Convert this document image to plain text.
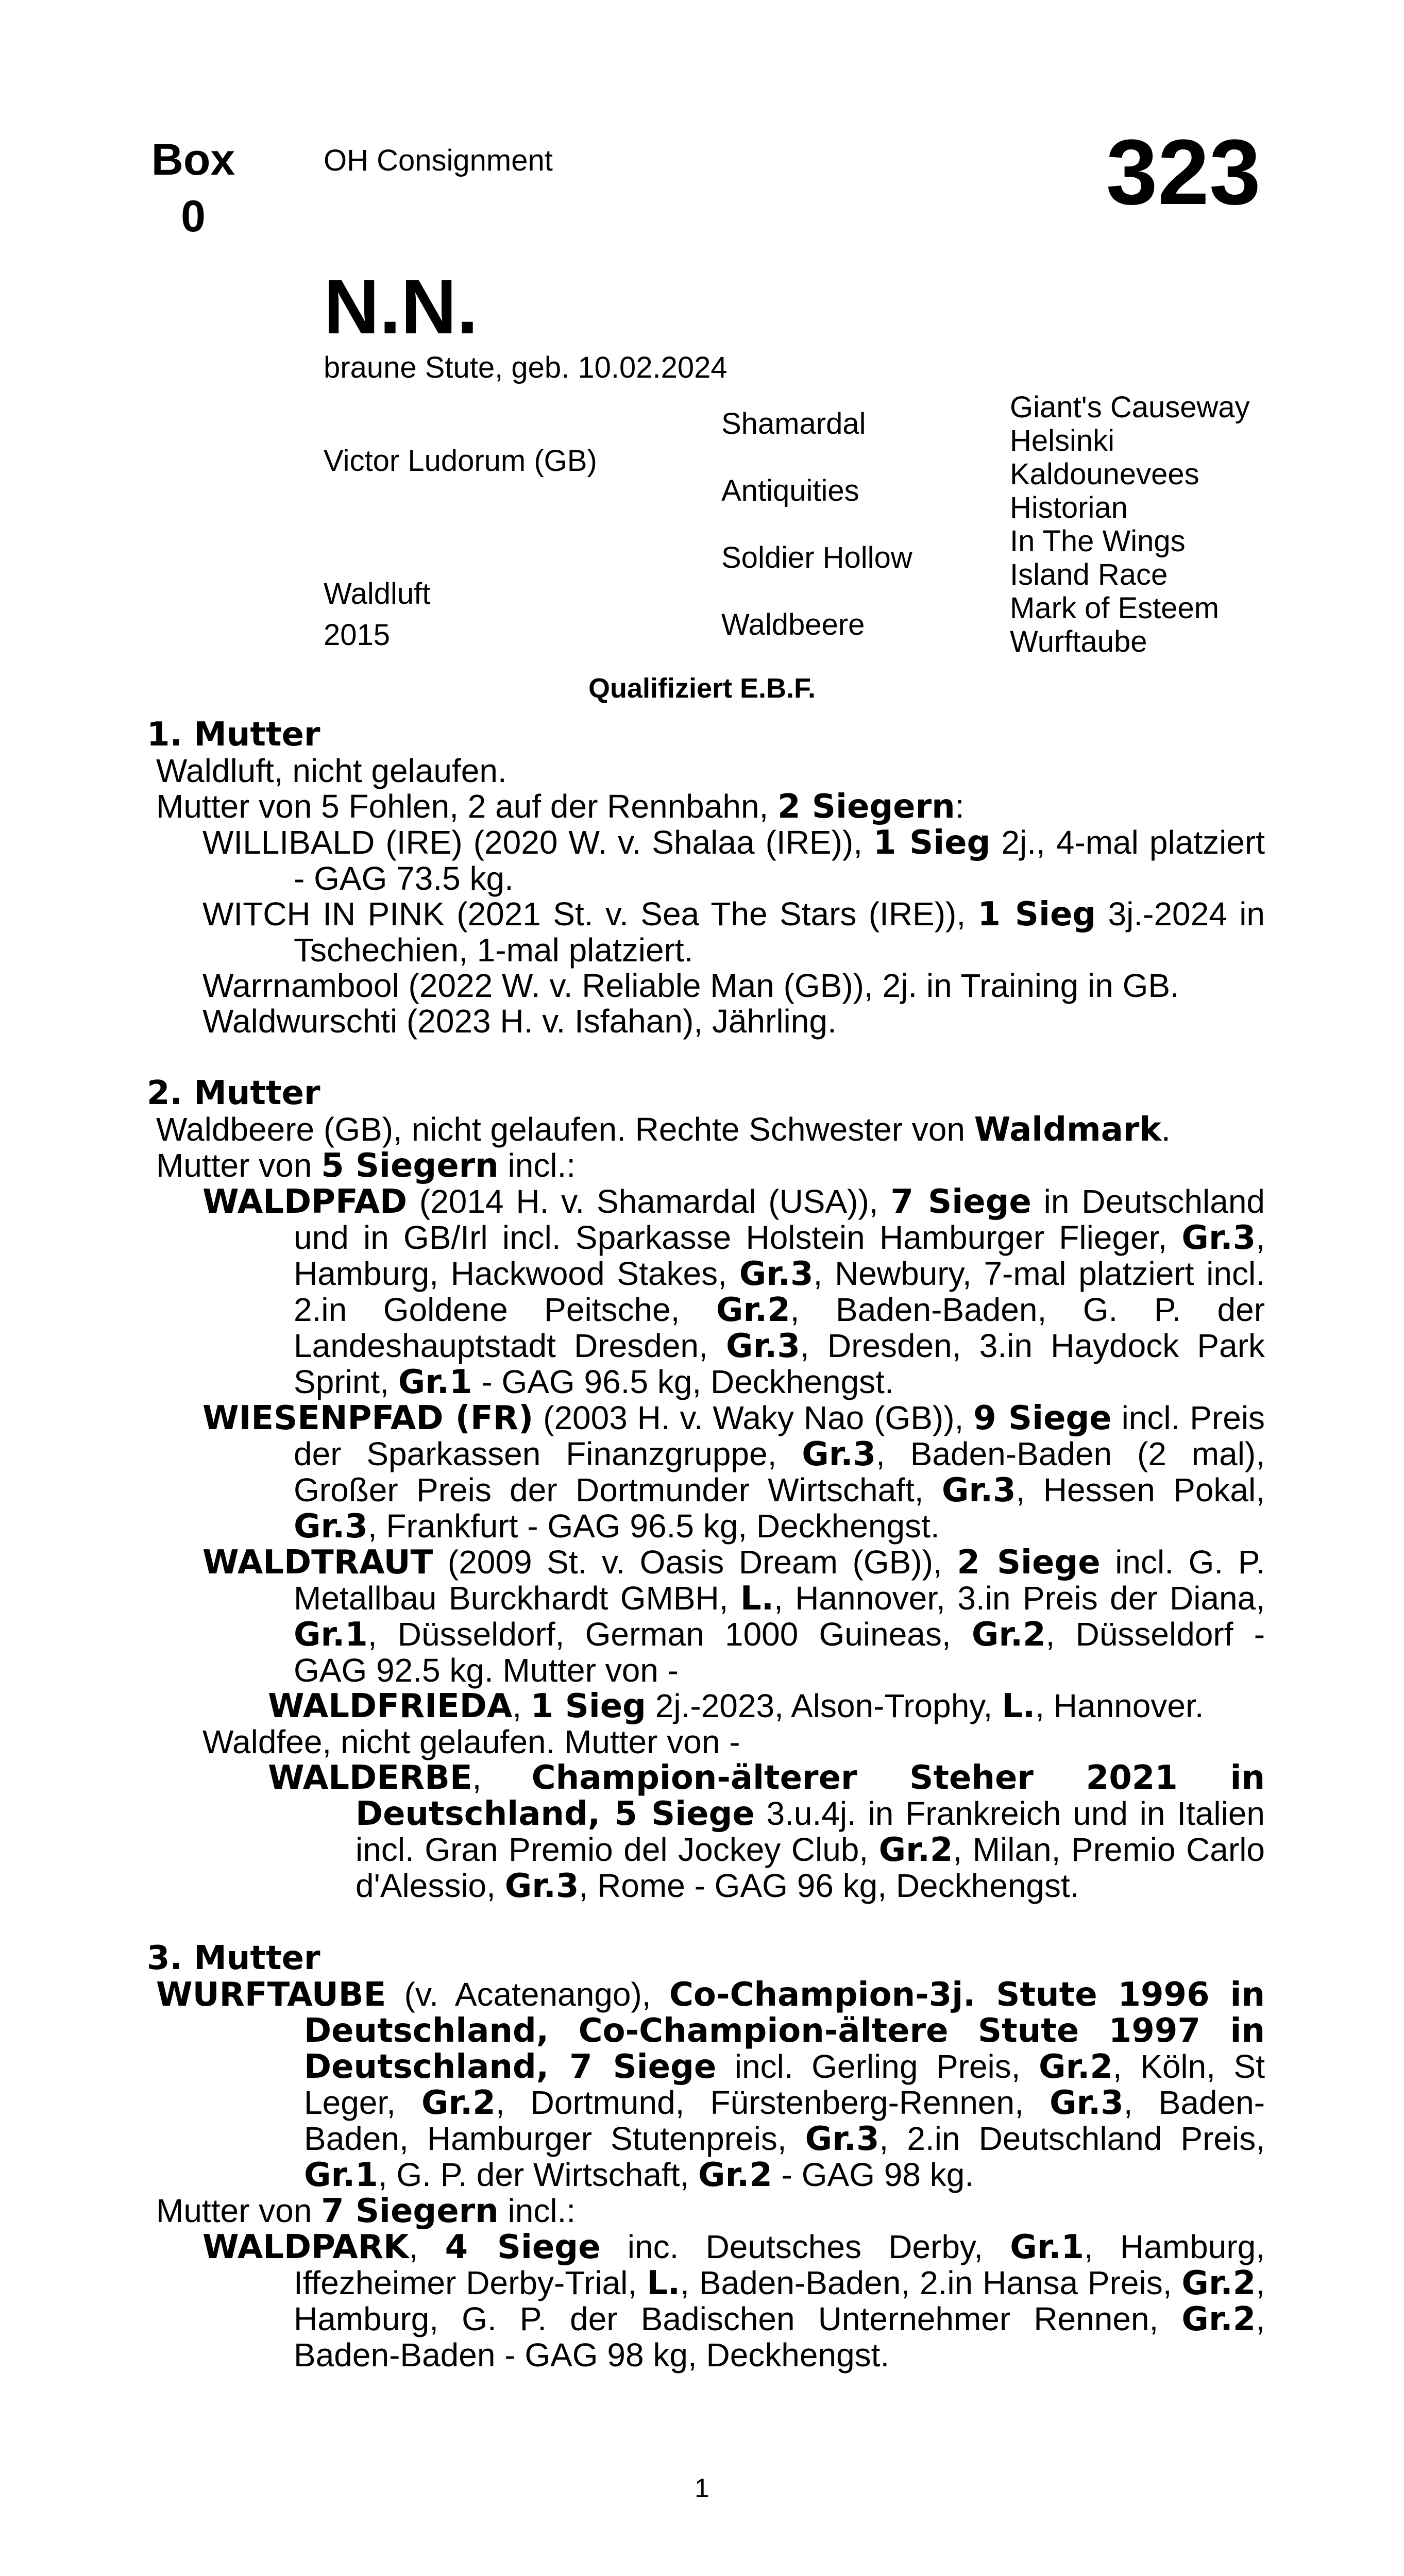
Box
0
OH Consignment	323
N.N.
braune Stute, geb. 10.02.2024
Victor Ludorum (GB)
Waldluft
2015
Shamardal
Antiquities
Soldier Hollow
Waldbeere
Giant's Causeway
Helsinki
Kaldounevees
Historian
In The Wings
Island Race
Mark of Esteem
Wurftaube
Qualifiziert E.B.F.
1. Mutter
Waldluft, nicht gelaufen.
Mutter von 5 Fohlen, 2 auf der Rennbahn, 2 Siegern:
WILLIBALD (IRE) (2020 W. v. Shalaa (IRE)), 1 Sieg 2j., 4-mal platziert - GAG 73.5 kg.
WITCH IN PINK (2021 St. v. Sea The Stars (IRE)), 1 Sieg 3j.-2024 in Tschechien, 1-mal platziert.
Warrnambool (2022 W. v. Reliable Man (GB)), 2j. in Training in GB.
Waldwurschti (2023 H. v. Isfahan), Jährling.
2. Mutter
Waldbeere (GB), nicht gelaufen. Rechte Schwester von Waldmark.
Mutter von 5 Siegern incl.:
WALDPFAD (2014 H. v. Shamardal (USA)), 7 Siege in Deutschland und in GB/Irl incl. Sparkasse Holstein Hamburger Flieger, Gr.3, Hamburg, Hackwood Stakes, Gr.3, Newbury, 7-mal platziert incl. 2.in Goldene Peitsche, Gr.2, Baden-Baden, G. P. der Landeshauptstadt Dresden, Gr.3, Dresden, 3.in Haydock Park Sprint, Gr.1 - GAG 96.5 kg, Deckhengst.
WIESENPFAD (FR) (2003 H. v. Waky Nao (GB)), 9 Siege incl. Preis der Sparkassen Finanzgruppe, Gr.3, Baden-Baden (2 mal), Großer Preis der Dortmunder Wirtschaft, Gr.3, Hessen Pokal, Gr.3, Frankfurt - GAG 96.5 kg, Deckhengst.
WALDTRAUT (2009 St. v. Oasis Dream (GB)), 2 Siege incl. G. P. Metallbau Burckhardt GMBH, L., Hannover, 3.in Preis der Diana, Gr.1, Düsseldorf, German 1000 Guineas, Gr.2, Düsseldorf - GAG 92.5 kg. Mutter von -
WALDFRIEDA, 1 Sieg 2j.-2023, Alson-Trophy, L., Hannover.
Waldfee, nicht gelaufen. Mutter von -
WALDERBE, Champion-älterer Steher 2021 in Deutschland, 5 Siege 3.u.4j. in Frankreich und in Italien incl. Gran Premio del Jockey Club, Gr.2, Milan, Premio Carlo d'Alessio, Gr.3, Rome - GAG 96 kg, Deckhengst.
3. Mutter
WURFTAUBE (v. Acatenango), Co-Champion-3j. Stute 1996 in Deutschland, Co-Champion-ältere Stute 1997 in Deutschland, 7 Siege incl. Gerling Preis, Gr.2, Köln, St Leger, Gr.2, Dortmund, Fürstenberg-Rennen, Gr.3, Baden-Baden, Hamburger Stutenpreis, Gr.3, 2.in Deutschland Preis, Gr.1, G. P. der Wirtschaft, Gr.2 - GAG 98 kg.
Mutter von 7 Siegern incl.:
WALDPARK, 4 Siege inc. Deutsches Derby, Gr.1, Hamburg, Iffezheimer Derby-Trial, L., Baden-Baden, 2.in Hansa Preis, Gr.2, Hamburg, G. P. der Badischen Unternehmer Rennen, Gr.2, Baden-Baden - GAG 98 kg, Deckhengst.
1
